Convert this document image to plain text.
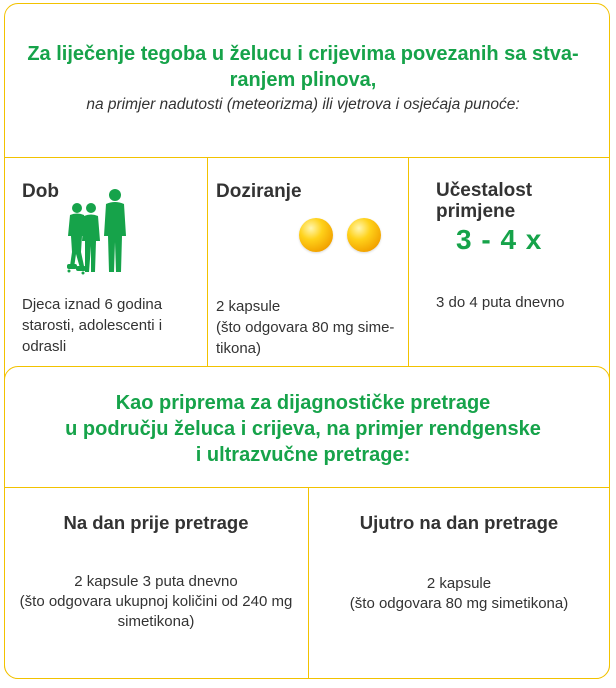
Za liječenje tegoba u želucu i crijevima povezanih sa stva-
ranjem plinova,
na primjer nadutosti (meteorizma) ili vjetrova i osjećaja punoće:
Dob
Djeca iznad 6 godina
starosti, adolescenti i
odrasli
Doziranje
2 kapsule
(što odgovara 80 mg sime-
tikona)
Učestalost
primjene
3 - 4 x
3 do 4 puta dnevno
Kao priprema za dijagnostičke pretrage
u području želuca i crijeva, na primjer rendgenske
i ultrazvučne pretrage:
Na dan prije pretrage
2 kapsule 3 puta dnevno
(što odgovara ukupnoj količini od 240 mg
simetikona)
Ujutro na dan pretrage
2 kapsule
(što odgovara 80 mg simetikona)
